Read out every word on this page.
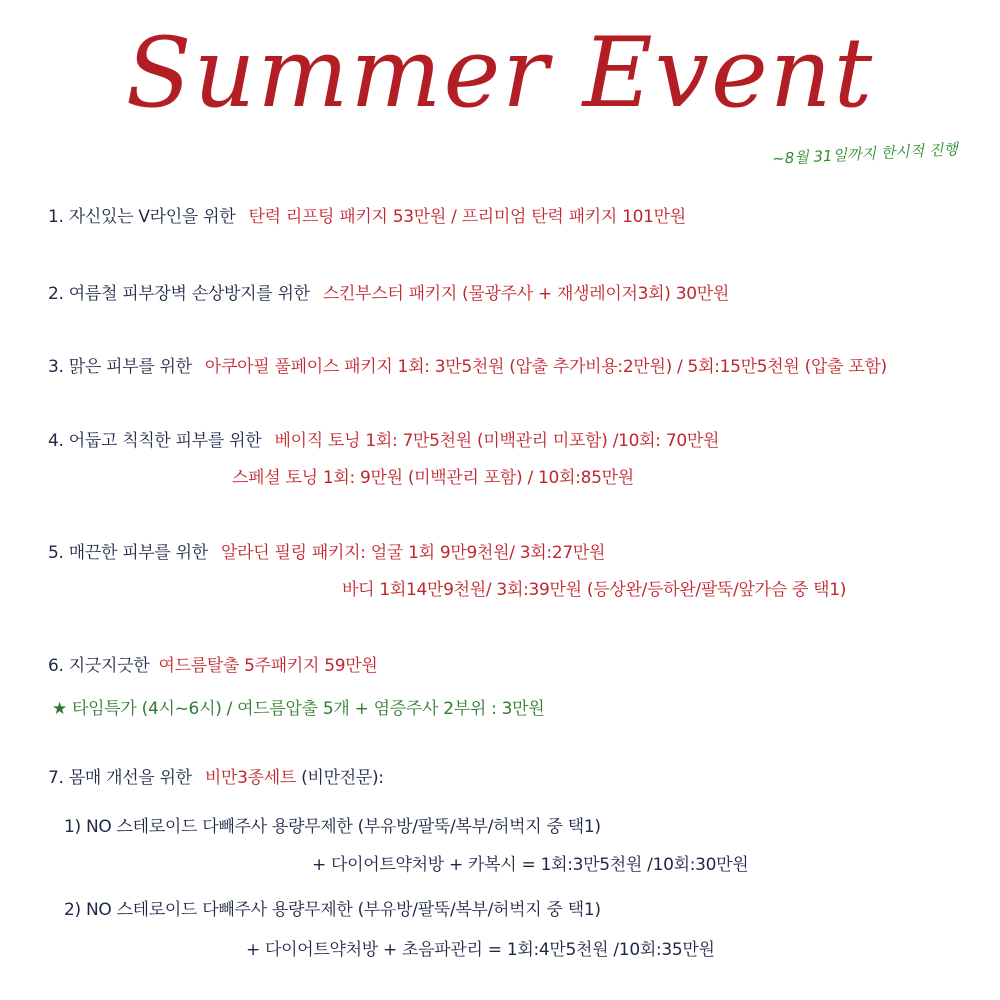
Summer Event
~8월 31일까지 한시적 진행
1. 자신있는 V라인을 위한 탄력 리프팅 패키지 53만원 / 프리미엄 탄력 패키지 101만원
2. 여름철 피부장벽 손상방지를 위한 스킨부스터 패키지 (물광주사 + 재생레이저3회) 30만원
3. 맑은 피부를 위한 아쿠아필 풀페이스 패키지 1회: 3만5천원 (압출 추가비용:2만원) / 5회:15만5천원 (압출 포함)
4. 어둡고 칙칙한 피부를 위한 베이직 토닝 1회: 7만5천원 (미백관리 미포함) /10회: 70만원
스페셜 토닝 1회: 9만원 (미백관리 포함) / 10회:85만원
5. 매끈한 피부를 위한 알라딘 필링 패키지: 얼굴 1회 9만9천원/ 3회:27만원
바디 1회14만9천원/ 3회:39만원 (등상완/등하완/팔뚝/앞가슴 중 택1)
6. 지긋지긋한 여드름탈출 5주패키지 59만원
★ 타임특가 (4시~6시) / 여드름압출 5개 + 염증주사 2부위 : 3만원
7. 몸매 개선을 위한 비만3종세트 (비만전문):
1) NO 스테로이드 다빼주사 용량무제한 (부유방/팔뚝/복부/허벅지 중 택1)
+ 다이어트약처방 + 카복시 = 1회:3만5천원 /10회:30만원
2) NO 스테로이드 다빼주사 용량무제한 (부유방/팔뚝/복부/허벅지 중 택1)
+ 다이어트약처방 + 초음파관리 = 1회:4만5천원 /10회:35만원
